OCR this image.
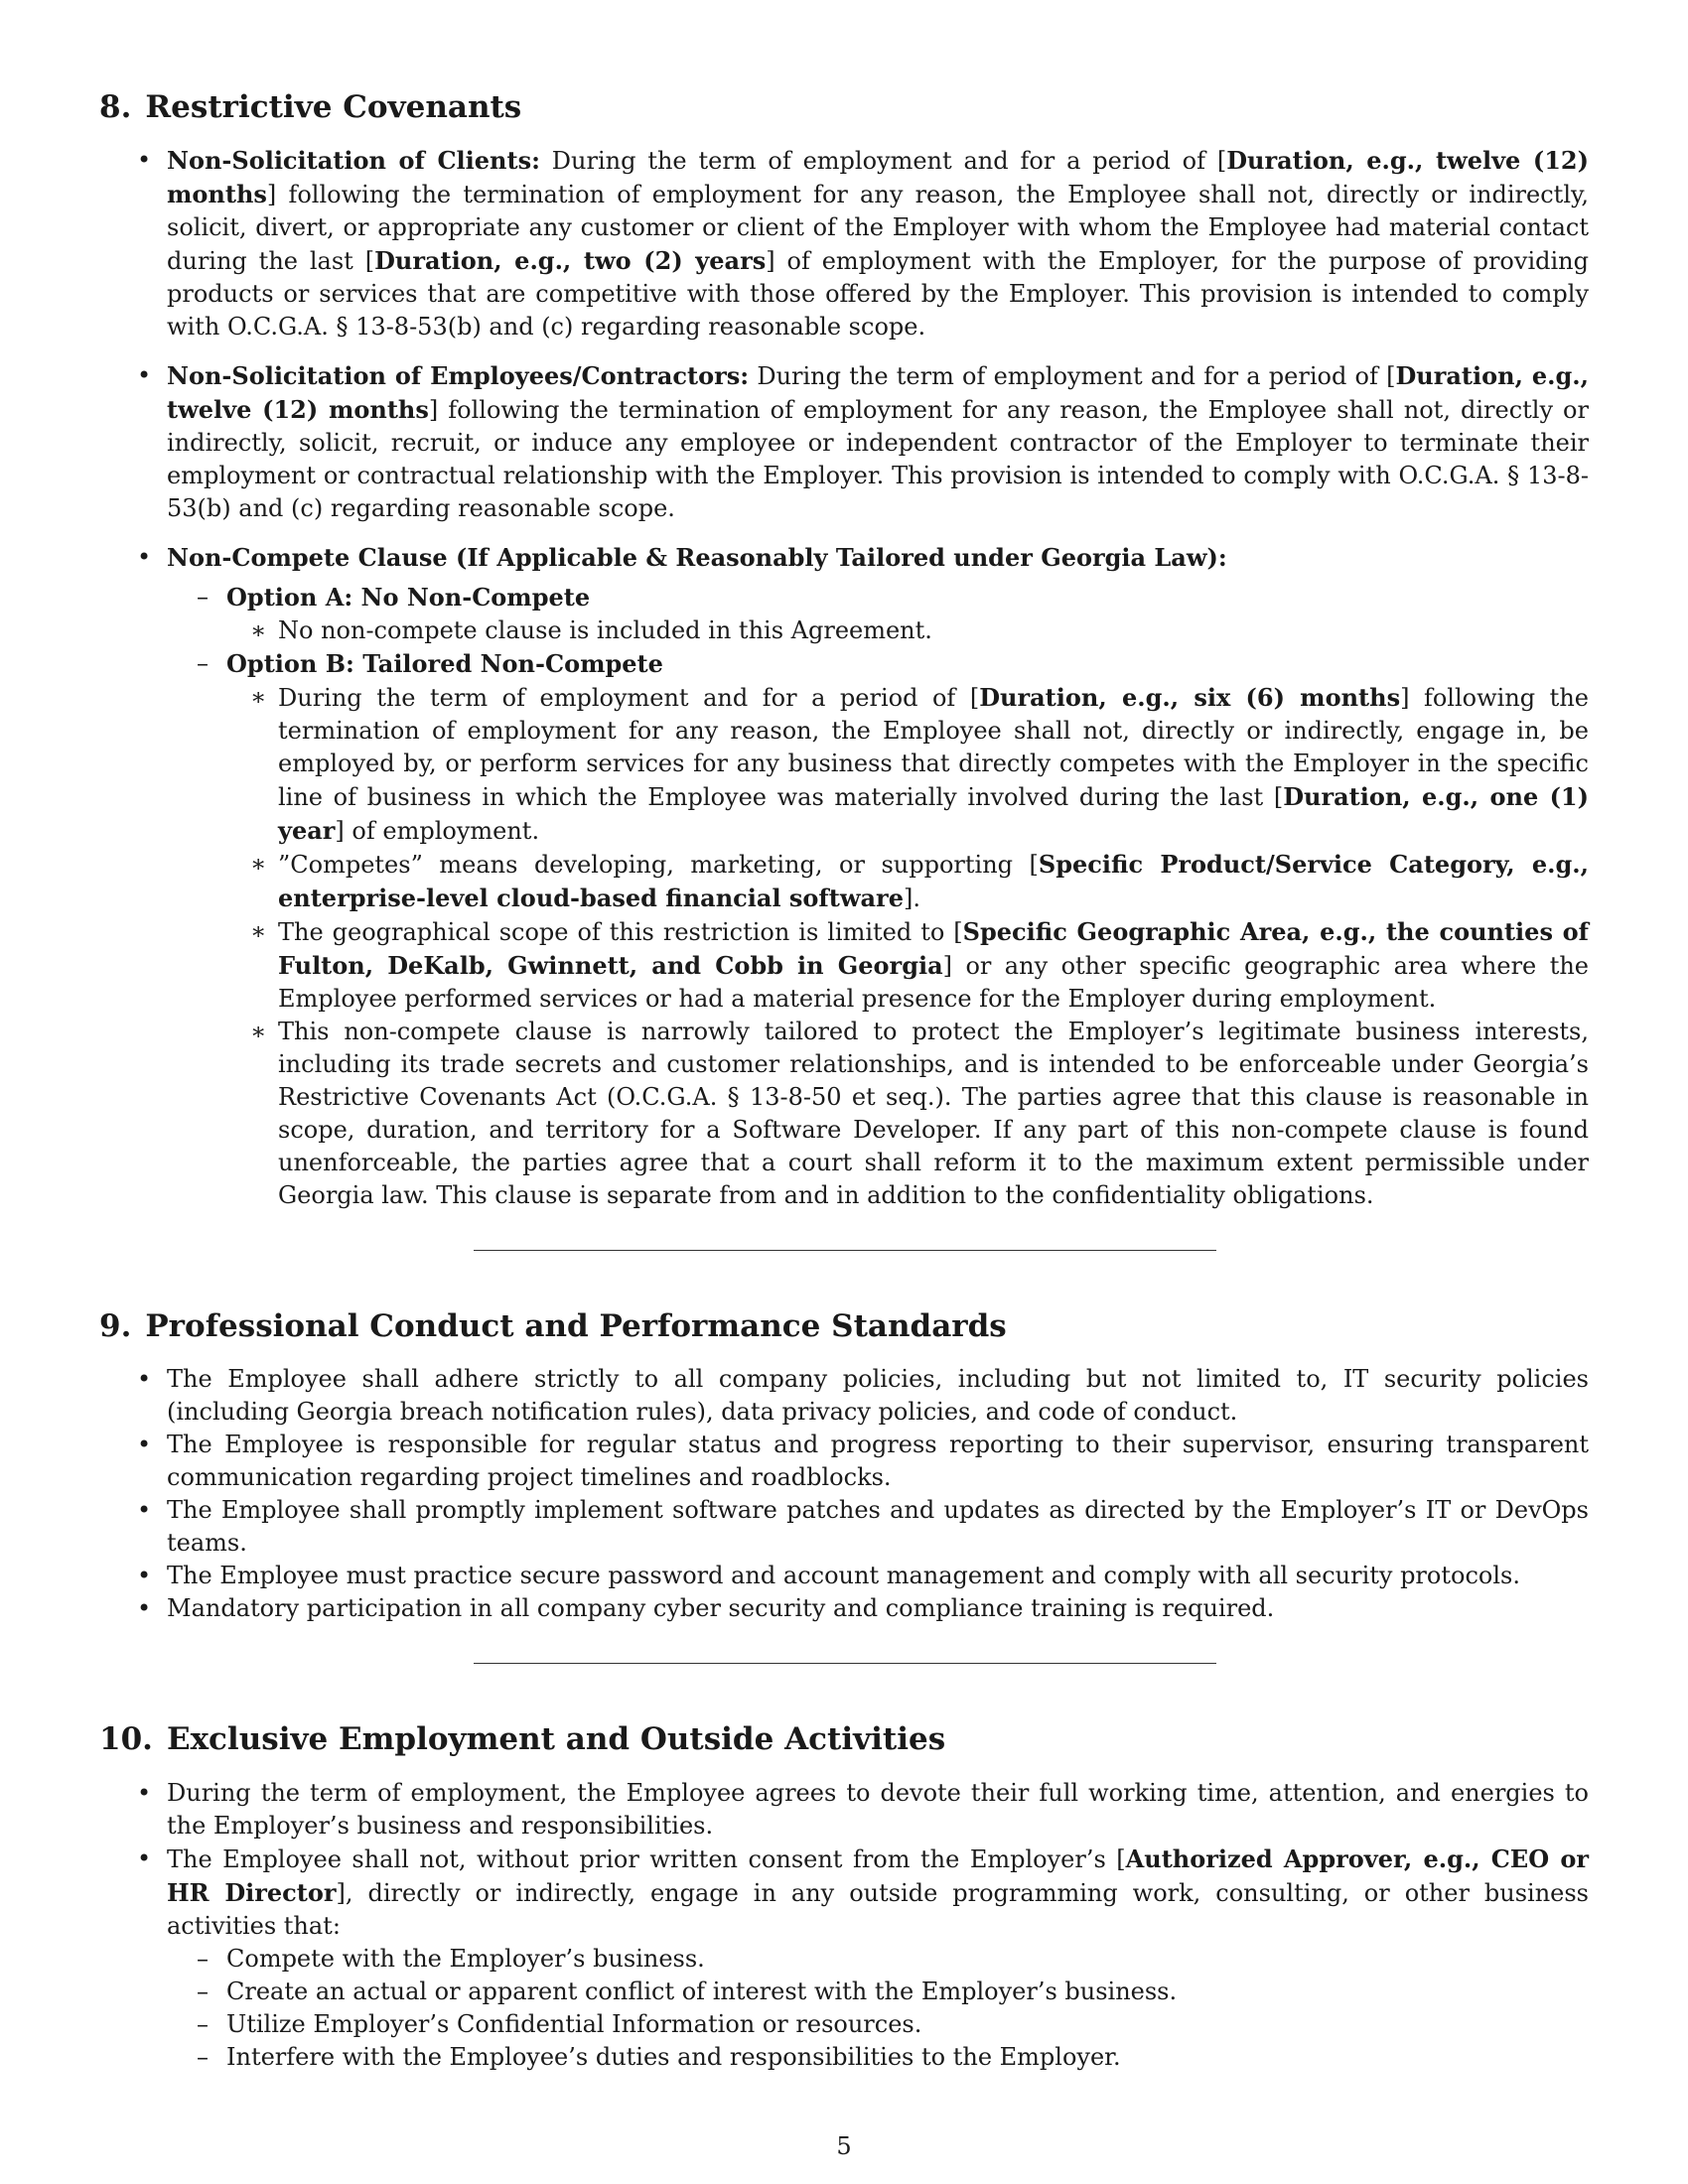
8. Restrictive Covenants
• Non-Solicitation of Clients: During the term of employment and for a period of [Duration, e.g., twelve (12) months] following the termination of employment for any reason, the Employee shall not, directly or indirectly, solicit, divert, or appropriate any customer or client of the Employer with whom the Employee had material contact during the last [Duration, e.g., two (2) years] of employment with the Employer, for the purpose of providing products or services that are competitive with those offered by the Employer. This provision is intended to comply with O.C.G.A. § 13-8-53(b) and (c) regarding reasonable scope.
• Non-Solicitation of Employees/Contractors: During the term of employment and for a period of [Duration, e.g., twelve (12) months] following the termination of employment for any reason, the Employee shall not, directly or indirectly, solicit, recruit, or induce any employee or independent contractor of the Employer to terminate their employment or contractual relationship with the Employer. This provision is intended to comply with O.C.G.A. § 13-8-53(b) and (c) regarding reasonable scope.
• Non-Compete Clause (If Applicable & Reasonably Tailored under Georgia Law):
– Option A: No Non-Compete
∗ No non-compete clause is included in this Agreement.
– Option B: Tailored Non-Compete
∗ During the term of employment and for a period of [Duration, e.g., six (6) months] following the termination of employment for any reason, the Employee shall not, directly or indirectly, engage in, be employed by, or perform services for any business that directly competes with the Employer in the specific line of business in which the Employee was materially involved during the last [Duration, e.g., one (1) year] of employment.
∗ ”Competes” means developing, marketing, or supporting [Specific Product/Service Category, e.g., enterprise-level cloud-based financial software].
∗ The geographical scope of this restriction is limited to [Specific Geographic Area, e.g., the counties of Fulton, DeKalb, Gwinnett, and Cobb in Georgia] or any other specific geographic area where the Employee performed services or had a material presence for the Employer during employment.
∗ This non-compete clause is narrowly tailored to protect the Employer’s legitimate business interests, including its trade secrets and customer relationships, and is intended to be enforceable under Georgia’s Restrictive Covenants Act (O.C.G.A. § 13-8-50 et seq.). The parties agree that this clause is reasonable in scope, duration, and territory for a Software Developer. If any part of this non-compete clause is found unenforceable, the parties agree that a court shall reform it to the maximum extent permissible under Georgia law. This clause is separate from and in addition to the confidentiality obligations.
9. Professional Conduct and Performance Standards
• The Employee shall adhere strictly to all company policies, including but not limited to, IT security policies (including Georgia breach notification rules), data privacy policies, and code of conduct.
• The Employee is responsible for regular status and progress reporting to their supervisor, ensuring transparent communication regarding project timelines and roadblocks.
• The Employee shall promptly implement software patches and updates as directed by the Employer’s IT or DevOps teams.
• The Employee must practice secure password and account management and comply with all security protocols.
• Mandatory participation in all company cyber security and compliance training is required.
10. Exclusive Employment and Outside Activities
• During the term of employment, the Employee agrees to devote their full working time, attention, and energies to the Employer’s business and responsibilities.
• The Employee shall not, without prior written consent from the Employer’s [Authorized Approver, e.g., CEO or HR Director], directly or indirectly, engage in any outside programming work, consulting, or other business activities that:
– Compete with the Employer’s business.
– Create an actual or apparent conflict of interest with the Employer’s business.
– Utilize Employer’s Confidential Information or resources.
– Interfere with the Employee’s duties and responsibilities to the Employer.
5
